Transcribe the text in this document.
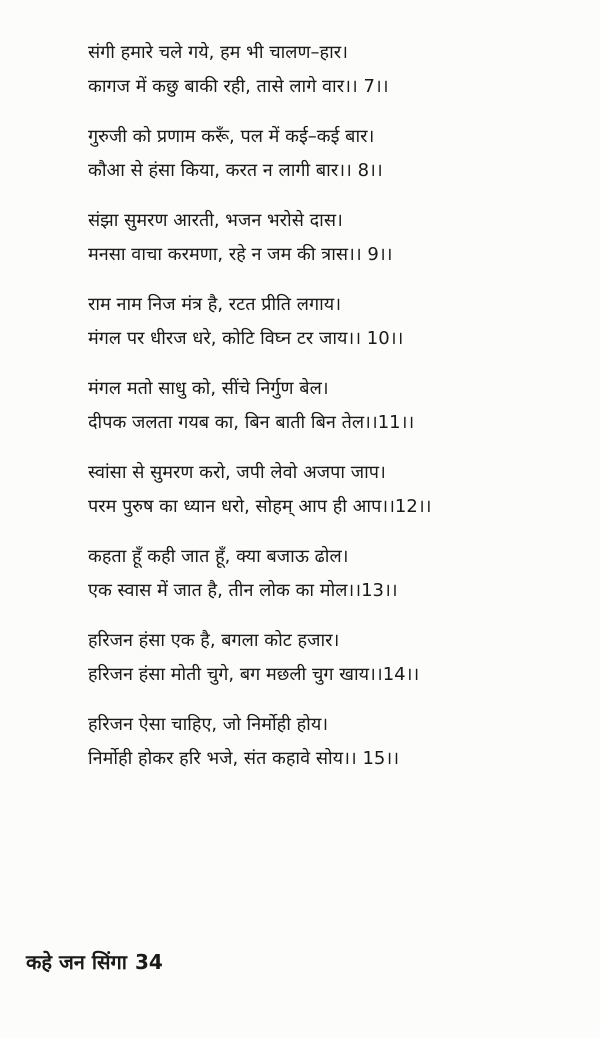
संगी हमारे चले गये, हम भी चालण–हार।
कागज में कछु बाकी रही, तासे लागे वार।। 7।।
गुरुजी को प्रणाम करूँ, पल में कई–कई बार।
कौआ से हंसा किया, करत न लागी बार।। 8।।
संझा सुमरण आरती, भजन भरोसे दास।
मनसा वाचा करमणा, रहे न जम की त्रास।। 9।।
राम नाम निज मंत्र है, रटत प्रीति लगाय।
मंगल पर धीरज धरे, कोटि विघ्न टर जाय।। 10।।
मंगल मतो साधु को, सींचे निर्गुण बेल।
दीपक जलता गयब का, बिन बाती बिन तेल।।11।।
स्वांसा से सुमरण करो, जपी लेवो अजपा जाप।
परम पुरुष का ध्यान धरो, सोहम् आप ही आप।।12।।
कहता हूँ कही जात हूँ, क्या बजाऊ ढोल।
एक स्वास में जात है, तीन लोक का मोल।।13।।
हरिजन हंसा एक है, बगला कोट हजार।
हरिजन हंसा मोती चुगे, बग मछली चुग खाय।।14।।
हरिजन ऐसा चाहिए, जो निर्मोही होय।
निर्मोही होकर हरि भजे, संत कहावे सोय।। 15।।
कहे जन सिंगा 34
